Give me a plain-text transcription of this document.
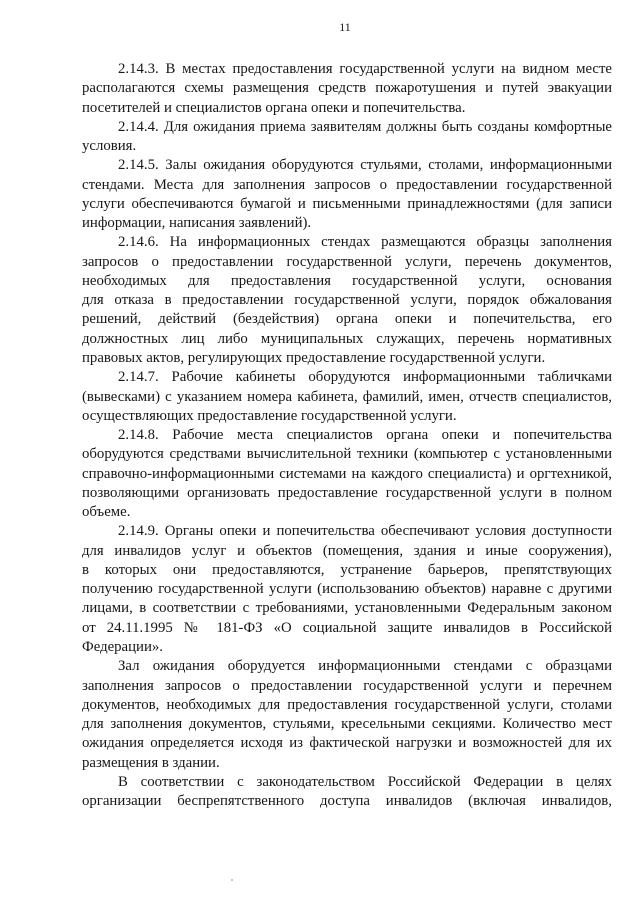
11
2.14.3. В местах предоставления государственной услуги на видном месте
располагаются схемы размещения средств пожаротушения и путей эвакуации
посетителей и специалистов органа опеки и попечительства.
2.14.4. Для ожидания приема заявителям должны быть созданы комфортные
условия.
2.14.5. Залы ожидания оборудуются стульями, столами, информационными
стендами. Места для заполнения запросов о предоставлении государственной
услуги обеспечиваются бумагой и письменными принадлежностями (для записи
информации, написания заявлений).
2.14.6. На информационных стендах размещаются образцы заполнения
запросов о предоставлении государственной услуги, перечень документов,
необходимых для предоставления государственной услуги, основания
для отказа в предоставлении государственной услуги, порядок обжалования
решений, действий (бездействия) органа опеки и попечительства, его
должностных лиц либо муниципальных служащих, перечень нормативных
правовых актов, регулирующих предоставление государственной услуги.
2.14.7. Рабочие кабинеты оборудуются информационными табличками
(вывесками) с указанием номера кабинета, фамилий, имен, отчеств специалистов,
осуществляющих предоставление государственной услуги.
2.14.8. Рабочие места специалистов органа опеки и попечительства
оборудуются средствами вычислительной техники (компьютер с установленными
справочно-информационными системами на каждого специалиста) и оргтехникой,
позволяющими организовать предоставление государственной услуги в полном
объеме.
2.14.9. Органы опеки и попечительства обеспечивают условия доступности
для инвалидов услуг и объектов (помещения, здания и иные сооружения),
в которых они предоставляются, устранение барьеров, препятствующих
получению государственной услуги (использованию объектов) наравне с другими
лицами, в соответствии с требованиями, установленными Федеральным законом
от 24.11.1995 № 181-ФЗ «О социальной защите инвалидов в Российской
Федерации».
Зал ожидания оборудуется информационными стендами с образцами
заполнения запросов о предоставлении государственной услуги и перечнем
документов, необходимых для предоставления государственной услуги, столами
для заполнения документов, стульями, кресельными секциями. Количество мест
ожидания определяется исходя из фактической нагрузки и возможностей для их
размещения в здании.
В соответствии с законодательством Российской Федерации в целях
организации беспрепятственного доступа инвалидов (включая инвалидов,
